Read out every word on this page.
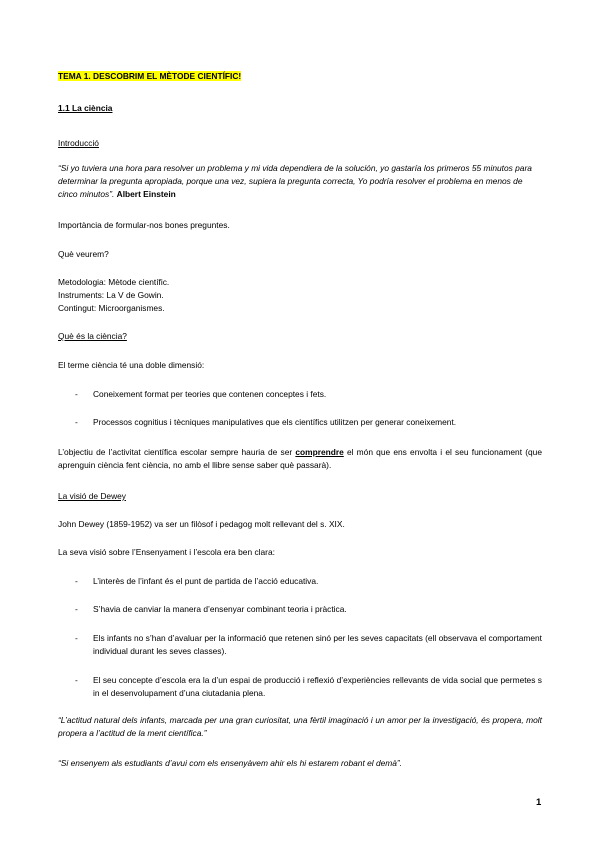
TEMA 1. DESCOBRIM EL MÈTODE CIENTÍFIC!

1.1 La ciència

Introducció

“Si yo tuviera una hora para resolver un problema y mi vida dependiera de la solución, yo gastaría los primeros 55 minutos para determinar la pregunta apropiada, porque una vez, supiera la pregunta correcta, Yo podría resolver el problema en menos de cinco minutos”. Albert Einstein

Importància de formular-nos bones preguntes.

Què veurem?

Metodologia: Mètode científic.

Instruments: La V de Gowin.

Contingut: Microorganismes.

Què és la ciència?

El terme ciència té una doble dimensió:

- Coneixement format per teories que contenen conceptes i fets.
- Processos cognitius i tècniques manipulatives que els científics utilitzen per generar coneixement.

L’objectiu de l’activitat científica escolar sempre hauria de ser comprendre el món que ens envolta i el seu funcionament (que aprenguin ciència fent ciència, no amb el llibre sense saber què passarà).

La visió de Dewey

John Dewey (1859-1952) va ser un filòsof i pedagog molt rellevant del s. XIX.

La seva visió sobre l’Ensenyament i l’escola era ben clara:

- L’interès de l’infant és el punt de partida de l’acció educativa.
- S’havia de canviar la manera d’ensenyar combinant teoria i pràctica.
- Els infants no s’han d’avaluar per la informació que retenen sinó per les seves capacitats (ell observava el comportament individual durant les seves classes).
- El seu concepte d’escola era la d’un espai de producció i reflexió d’experiències rellevants de vida social que permetes s in el desenvolupament d’una ciutadania plena.

“L’actitud natural dels infants, marcada per una gran curiositat, una fèrtil imaginació i un amor per la investigació, és propera, molt propera a l’actitud de la ment científica.”

“Si ensenyem als estudiants d’avui com els ensenyàvem ahir els hi estarem robant el demà”.

1
